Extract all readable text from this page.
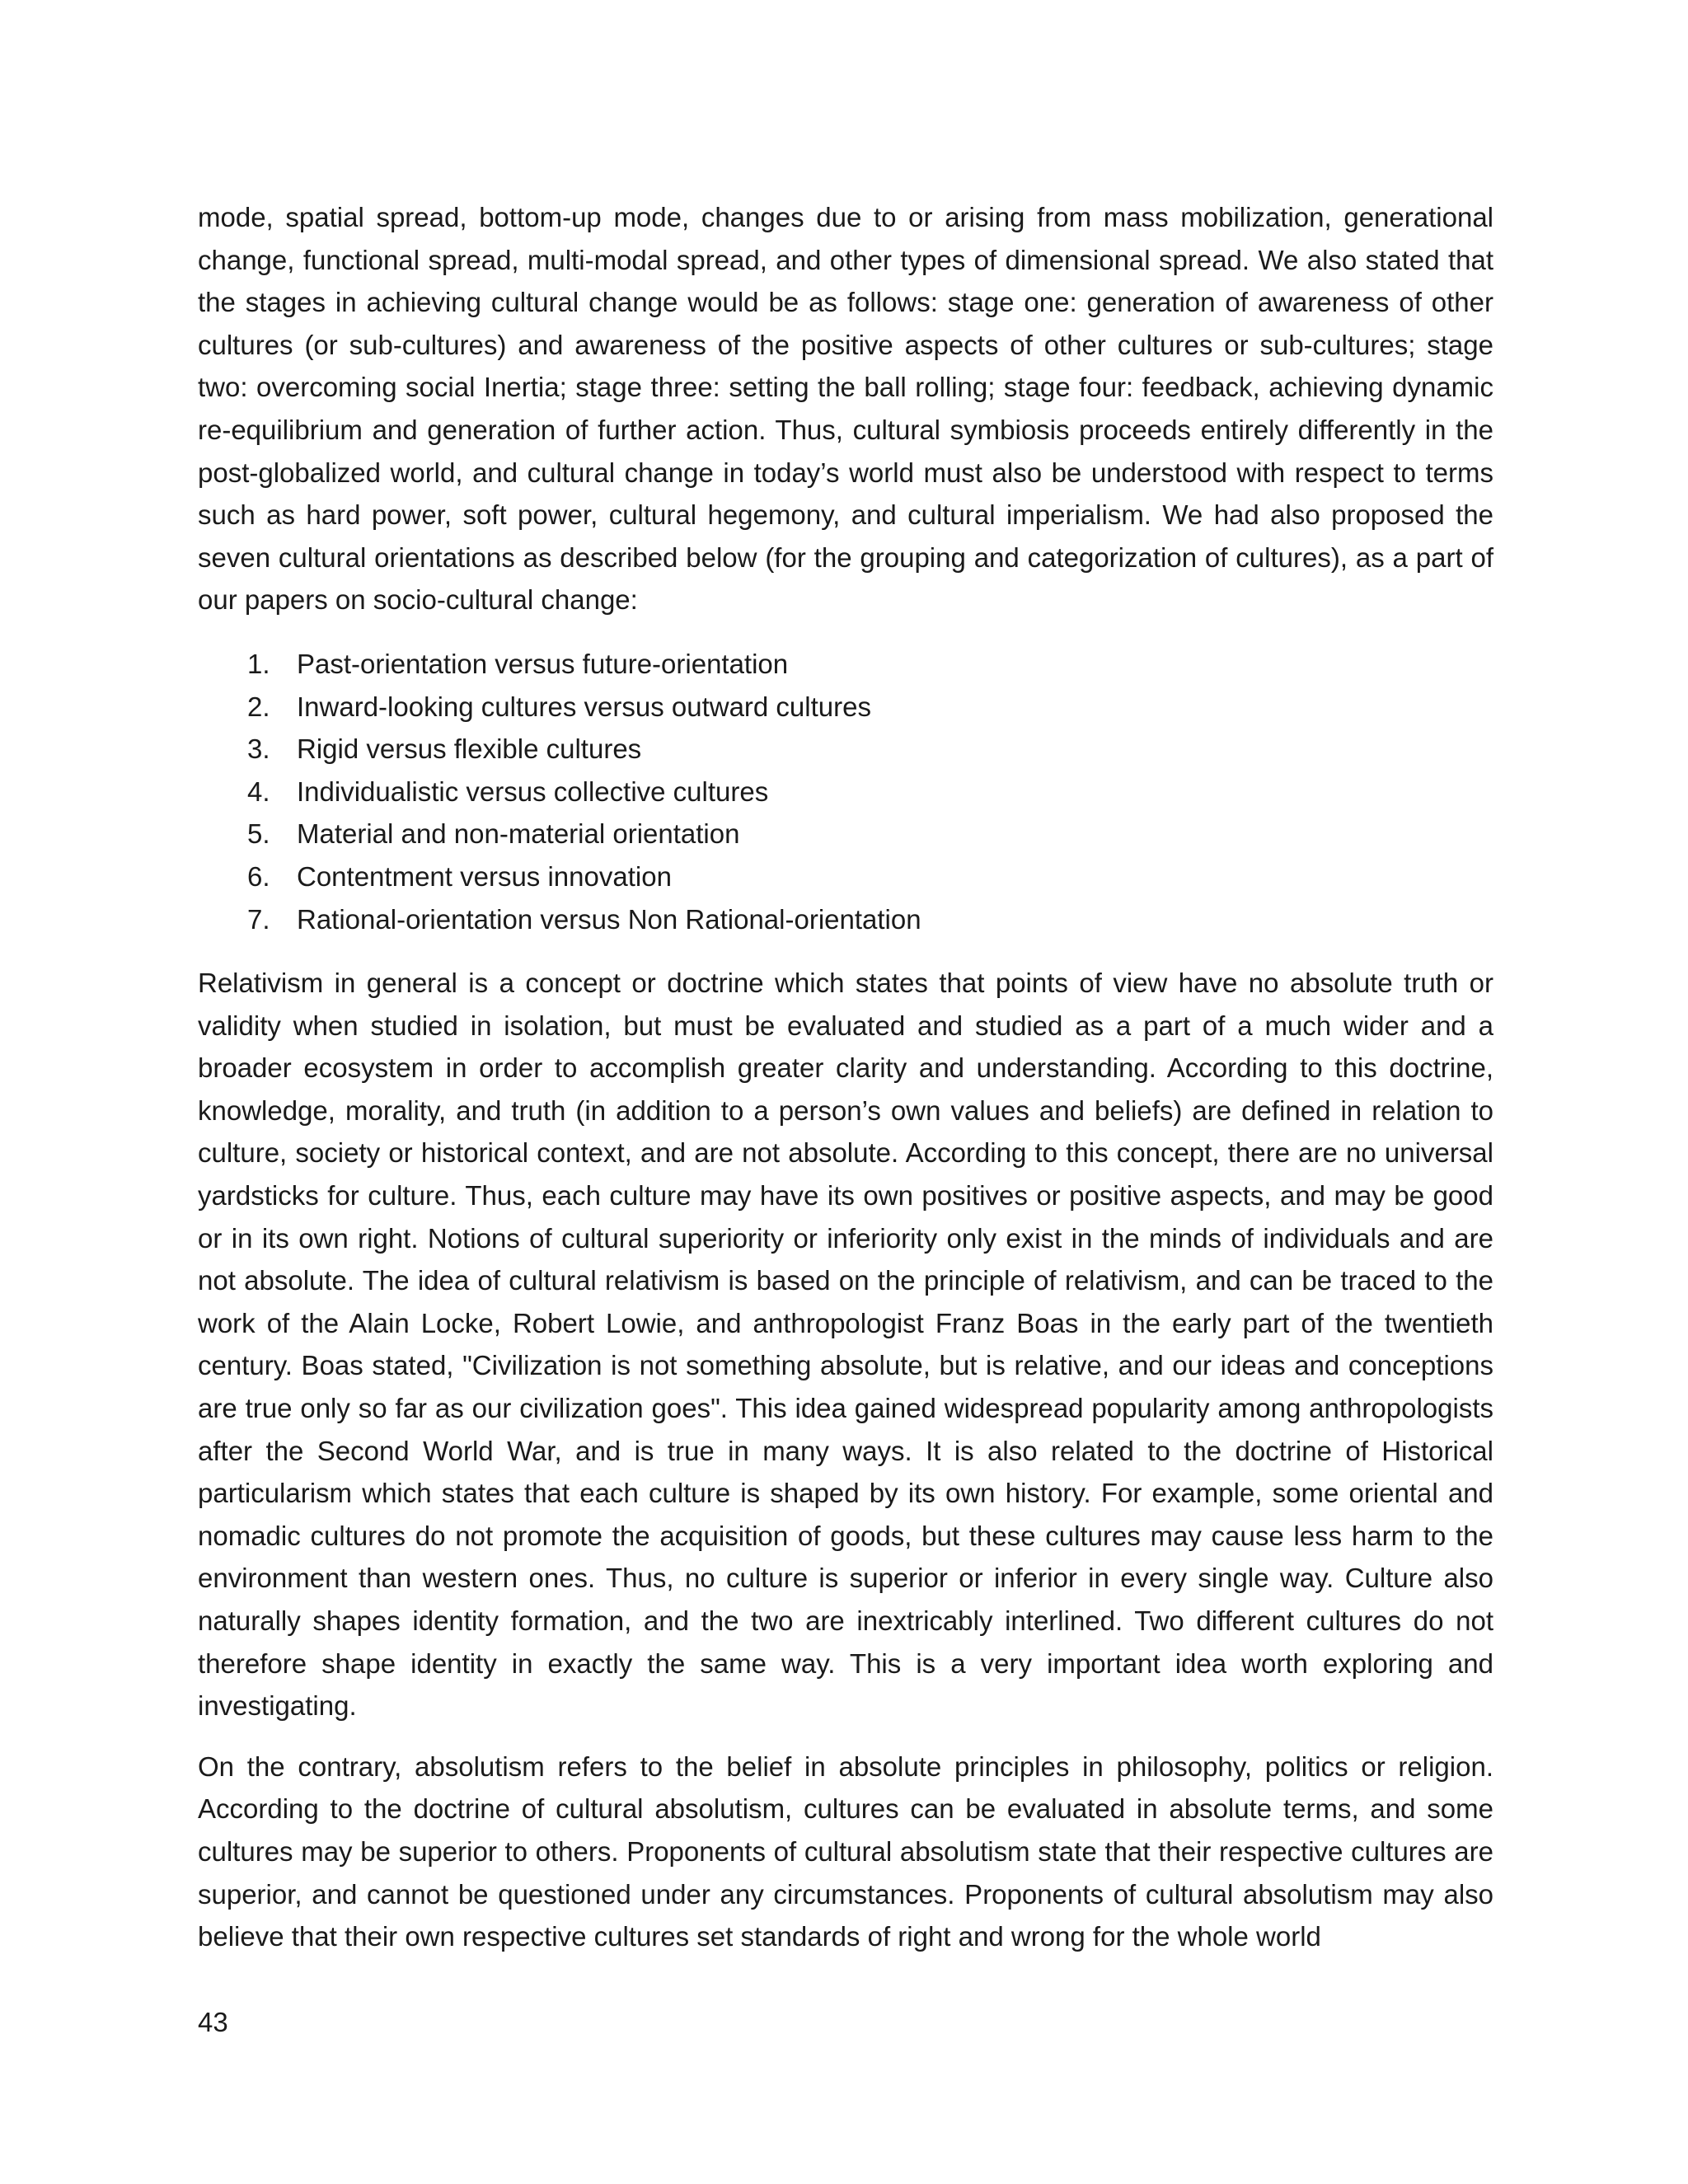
mode, spatial spread, bottom-up mode, changes due to or arising from mass mobilization, generational change, functional spread, multi-modal spread, and other types of dimensional spread. We also stated that the stages in achieving cultural change would be as follows: stage one: generation of awareness of other cultures (or sub-cultures) and awareness of the positive aspects of other cultures or sub-cultures; stage two: overcoming social Inertia; stage three: setting the ball rolling; stage four: feedback, achieving dynamic re-equilibrium and generation of further action. Thus, cultural symbiosis proceeds entirely differently in the post-globalized world, and cultural change in today’s world must also be understood with respect to terms such as hard power, soft power, cultural hegemony, and cultural imperialism. We had also proposed the seven cultural orientations as described below (for the grouping and categorization of cultures), as a part of our papers on socio-cultural change:

1. Past-orientation versus future-orientation
2. Inward-looking cultures versus outward cultures
3. Rigid versus flexible cultures
4. Individualistic versus collective cultures
5. Material and non-material orientation
6. Contentment versus innovation
7. Rational-orientation versus Non Rational-orientation

Relativism in general is a concept or doctrine which states that points of view have no absolute truth or validity when studied in isolation, but must be evaluated and studied as a part of a much wider and a broader ecosystem in order to accomplish greater clarity and understanding. According to this doctrine, knowledge, morality, and truth (in addition to a person’s own values and beliefs) are defined in relation to culture, society or historical context, and are not absolute. According to this concept, there are no universal yardsticks for culture. Thus, each culture may have its own positives or positive aspects, and may be good or in its own right. Notions of cultural superiority or inferiority only exist in the minds of individuals and are not absolute. The idea of cultural relativism is based on the principle of relativism, and can be traced to the work of the Alain Locke, Robert Lowie, and anthropologist Franz Boas in the early part of the twentieth century. Boas stated, "Civilization is not something absolute, but is relative, and our ideas and conceptions are true only so far as our civilization goes". This idea gained widespread popularity among anthropologists after the Second World War, and is true in many ways. It is also related to the doctrine of Historical particularism which states that each culture is shaped by its own history. For example, some oriental and nomadic cultures do not promote the acquisition of goods, but these cultures may cause less harm to the environment than western ones. Thus, no culture is superior or inferior in every single way. Culture also naturally shapes identity formation, and the two are inextricably interlined. Two different cultures do not therefore shape identity in exactly the same way. This is a very important idea worth exploring and investigating.

On the contrary, absolutism refers to the belief in absolute principles in philosophy, politics or religion. According to the doctrine of cultural absolutism, cultures can be evaluated in absolute terms, and some cultures may be superior to others. Proponents of cultural absolutism state that their respective cultures are superior, and cannot be questioned under any circumstances. Proponents of cultural absolutism may also believe that their own respective cultures set standards of right and wrong for the whole world

43
